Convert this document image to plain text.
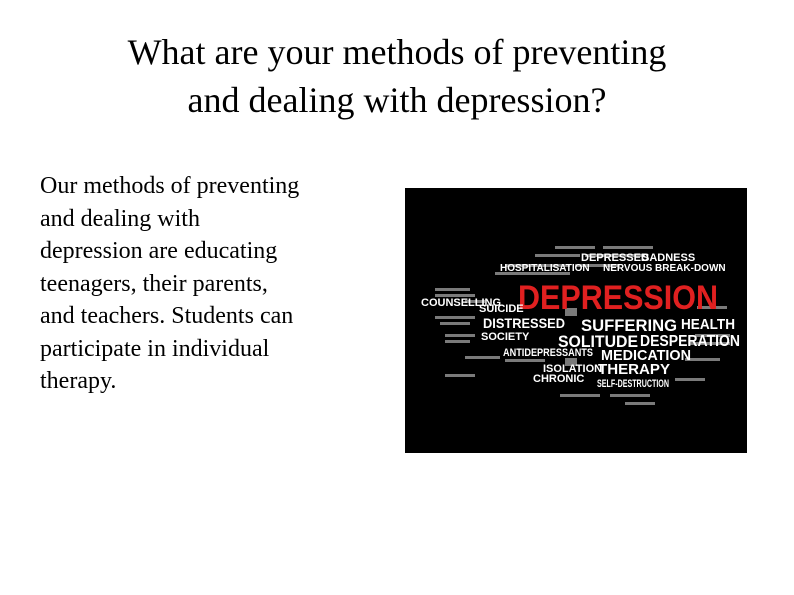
What are your methods of preventing
and dealing with depression?
Our methods of preventing
and dealing with
depression are educating
teenagers, their parents,
and teachers. Students can
participate in individual
therapy.
DEPRESSED
SADNESS
HOSPITALISATION NERVOUS BREAK-DOWN
COUNSELLING DEPRESSION
SUICIDE
DISTRESSED SUFFERING HEALTH
SOCIETY SOLITUDE DESPERATION
ANTIDEPRESSANTS MEDICATION
ISOLATION
THERAPY
CHRONIC SELF-DESTRUCTION
